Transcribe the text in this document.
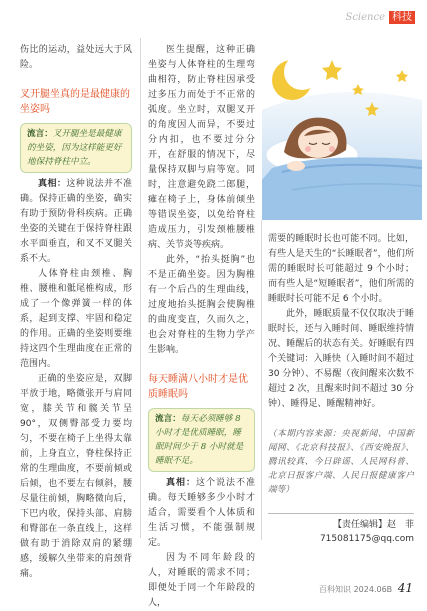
Science 科技

伤比的运动，益处远大于风险。

叉开腿坐真的是最健康的坐姿吗

流言：叉开腿坐是最健康的坐姿，因为这样能更好地保持脊柱中立。

真相：这种说法并不准确。保持正确的坐姿，确实有助于预防骨科疾病。正确坐姿的关键在于保持脊柱跟水平面垂直，和叉不叉腿关系不大。

人体脊柱由颈椎、胸椎、腰椎和骶尾椎构成，形成了一个像弹簧一样的体系，起到支撑、牢固和稳定的作用。正确的坐姿则要维持这四个生理曲度在正常的范围内。

正确的坐姿应是，双脚平放于地，略微张开与肩同宽，膝关节和髋关节呈 90°，双侧臀部受力要均匀，不要在椅子上坐得太靠前，上身直立，脊柱保持正常的生理曲度，不要前倾或后倾，也不要左右倾斜，腰尽量往前倾，胸略微向后，下巴内收，保持头部、肩膀和臀部在一条直线上，这样做有助于消除双肩的紧绷感，缓解久坐带来的肩颈背痛。

医生提醒，这种正确坐姿与人体脊柱的生理弯曲相符，防止脊柱因承受过多压力而处于不正常的弧度。坐立时，双腿叉开的角度因人而异，不要过分内扣，也不要过分分开，在舒服的情况下，尽量保持双脚与肩等宽。同时，注意避免跷二郎腿，瘫在椅子上，身体前倾坐等错误坐姿，以免给脊柱造成压力，引发颈椎腰椎病、关节炎等疾病。

此外，“抬头挺胸”也不是正确坐姿。因为胸椎有一个后凸的生理曲线，过度地抬头挺胸会使胸椎的曲度变直，久而久之，也会对脊柱的生物力学产生影响。

每天睡满八小时才是优质睡眠吗

流言：每天必须睡够 8 小时才是优质睡眠，睡眠时间少于 8 小时就是睡眠不足。

真相：这个说法不准确。每天睡够多少小时才适合，需要看个人体质和生活习惯，不能强制规定。

因为不同年龄段的人，对睡眠的需求不同；即便处于同一个年龄段的人，

需要的睡眠时长也可能不同。比如，有些人是天生的“长睡眠者”，他们所需的睡眠时长可能超过 9 个小时；而有些人是“短睡眠者”，他们所需的睡眠时长可能不足 6 个小时。

此外，睡眠质量不仅仅取决于睡眠时长，还与入睡时间、睡眠维持情况、睡醒后的状态有关。好睡眠有四个关键词：入睡快（入睡时间不超过 30 分钟）、不易醒（夜间醒来次数不超过 2 次，且醒来时间不超过 30 分钟）、睡得足、睡醒精神好。

（本期内容来源：央视新闻、中国新闻网、《北京科技报》、《西安晚报》、腾讯较真、今日辟谣、人民网科普、北京日报客户端、人民日报健康客户端等）

【责任编辑】赵　菲
715081175@qq.com
百科知识 2024.06B 41
